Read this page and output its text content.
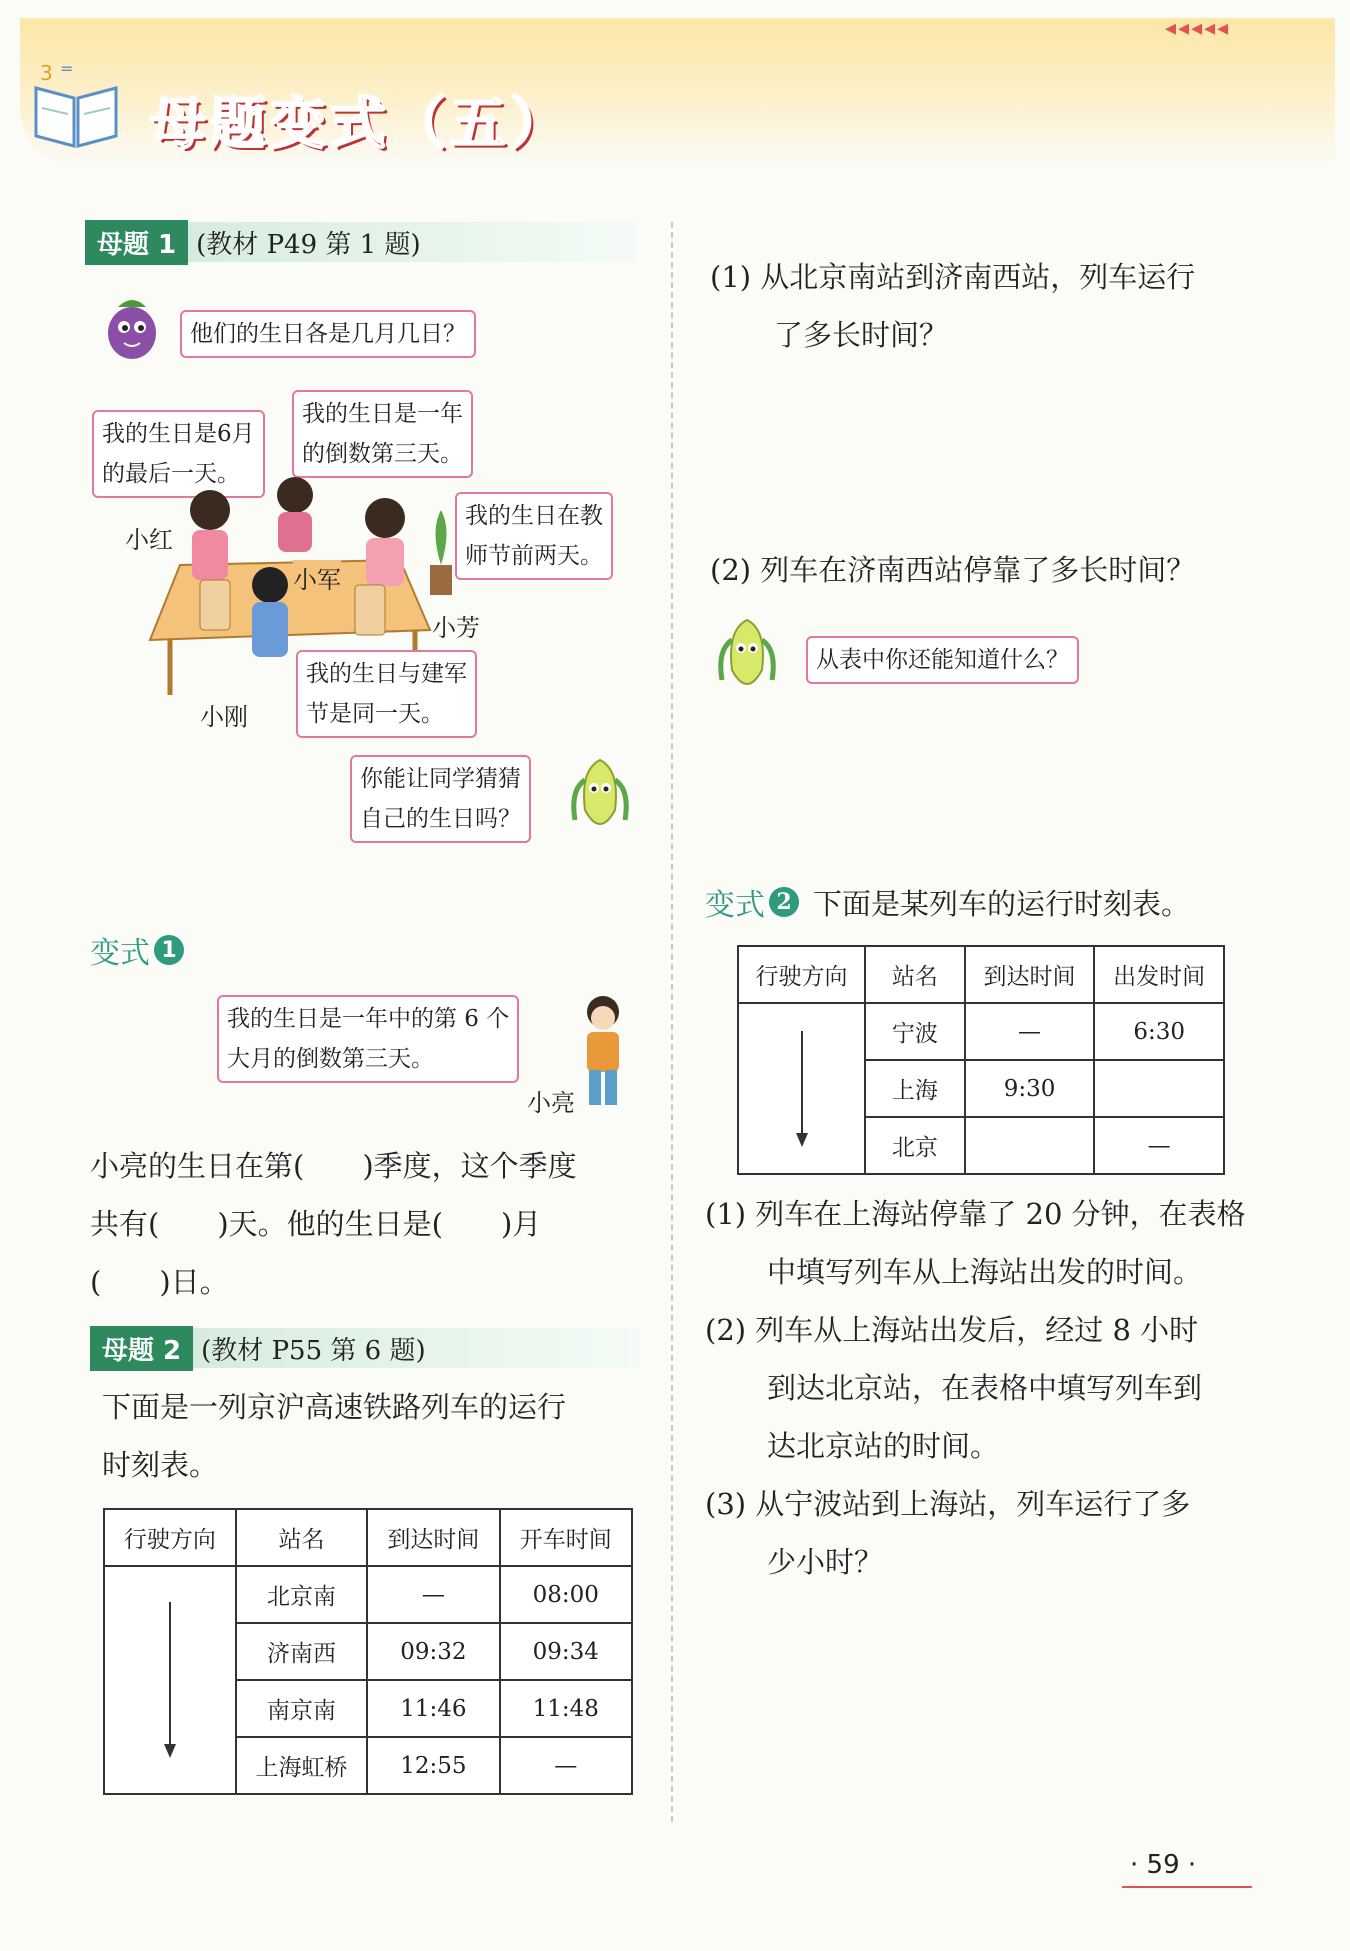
3 =
母题变式（五）
◂◂◂◂◂
母题 1 (教材 P49 第 1 题)
他们的生日各是几月几日？
我的生日是6月
的最后一天。
我的生日是一年
的倒数第三天。
我的生日在教
师节前两天。
小红
小军
小芳
小刚
我的生日与建军
节是同一天。
你能让同学猜猜
自己的生日吗？
变式 1
我的生日是一年中的第 6 个
大月的倒数第三天。
小亮
小亮的生日在第(　　)季度，这个季度
共有(　　)天。他的生日是(　　)月
(　　)日。
母题 2 (教材 P55 第 6 题)
下面是一列京沪高速铁路列车的运行
时刻表。
行驶方向	站名	到达时间	开车时间
	北京南	—	08:00
	济南西	09:32	09:34
	南京南	11:46	11:48
	上海虹桥	12:55	—
(1) 从北京南站到济南西站，列车运行
了多长时间？
(2) 列车在济南西站停靠了多长时间？
从表中你还能知道什么？
变式 2 下面是某列车的运行时刻表。
行驶方向	站名	到达时间	出发时间
	宁波	—	6:30
	上海	9:30	
	北京		—
(1) 列车在上海站停靠了 20 分钟，在表格
中填写列车从上海站出发的时间。
(2) 列车从上海站出发后，经过 8 小时
到达北京站，在表格中填写列车到
达北京站的时间。
(3) 从宁波站到上海站，列车运行了多
少小时？
· 59 ·
